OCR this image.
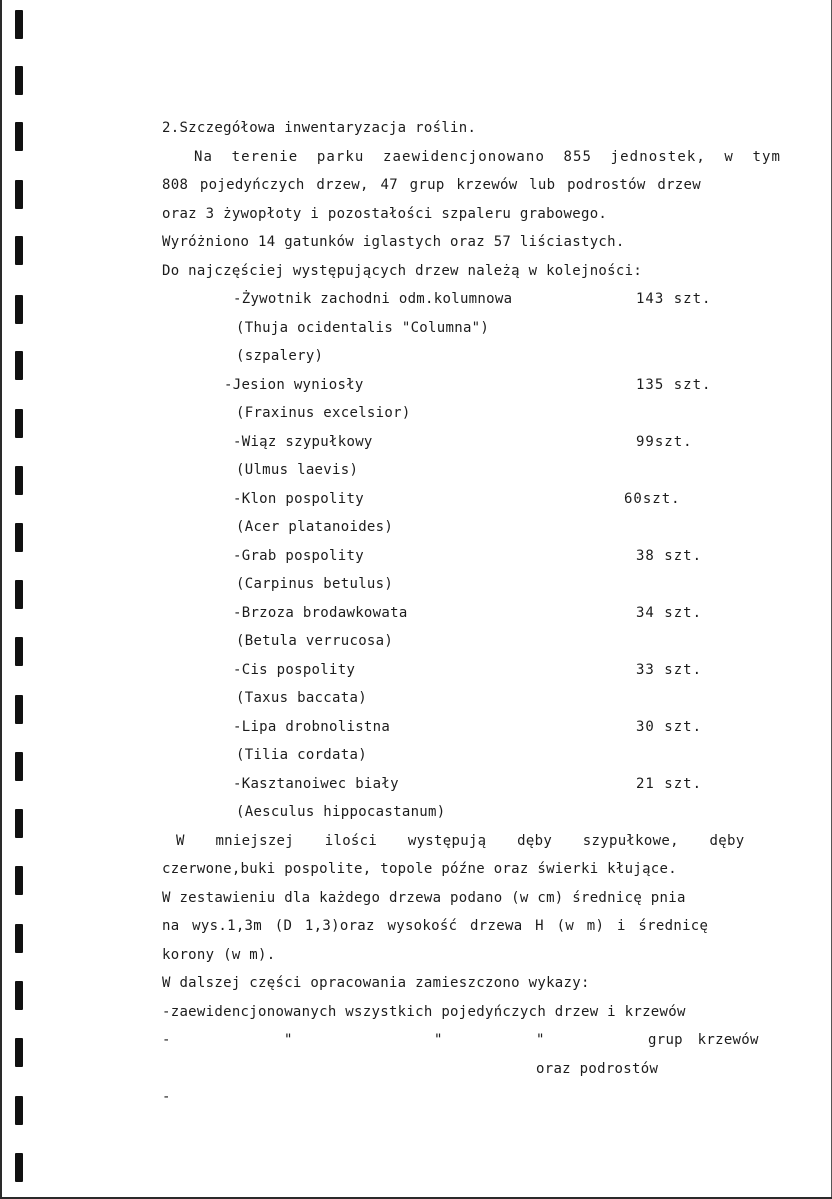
2.Szczegółowa inwentaryzacja roślin.
Na terenie parku zaewidencjonowano 855 jednostek, w tym
808 pojedyńczych drzew, 47 grup krzewów lub podrostów drzew
oraz 3 żywopłoty i pozostałości szpaleru grabowego.
Wyróżniono 14 gatunków iglastych oraz 57 liściastych.
Do najczęściej występujących drzew należą w kolejności:
-Żywotnik zachodni odm.kolumnowa	143 szt.
(Thuja ocidentalis "Columna")
(szpalery)
-Jesion wyniosły	135 szt.
(Fraxinus excelsior)
-Wiąz szypułkowy	99szt.
(Ulmus laevis)
-Klon pospolity	60szt.
(Acer platanoides)
-Grab pospolity	38 szt.
(Carpinus betulus)
-Brzoza brodawkowata	34 szt.
(Betula verrucosa)
-Cis pospolity	33 szt.
(Taxus baccata)
-Lipa drobnolistna	30 szt.
(Tilia cordata)
-Kasztanoiwec biały	21 szt.
(Aesculus hippocastanum)
W mniejszej ilości występują dęby szypułkowe, dęby
czerwone,buki pospolite, topole późne oraz świerki kłujące.
W zestawieniu dla każdego drzewa podano (w cm) średnicę pnia
na wys.1,3m (D 1,3)oraz wysokość drzewa H (w m) i średnicę
korony (w m).
W dalszej części opracowania zamieszczono wykazy:
-zaewidencjonowanych wszystkich pojedyńczych drzew i krzewów
-	"	"	"	grup krzewów
oraz podrostów
-
